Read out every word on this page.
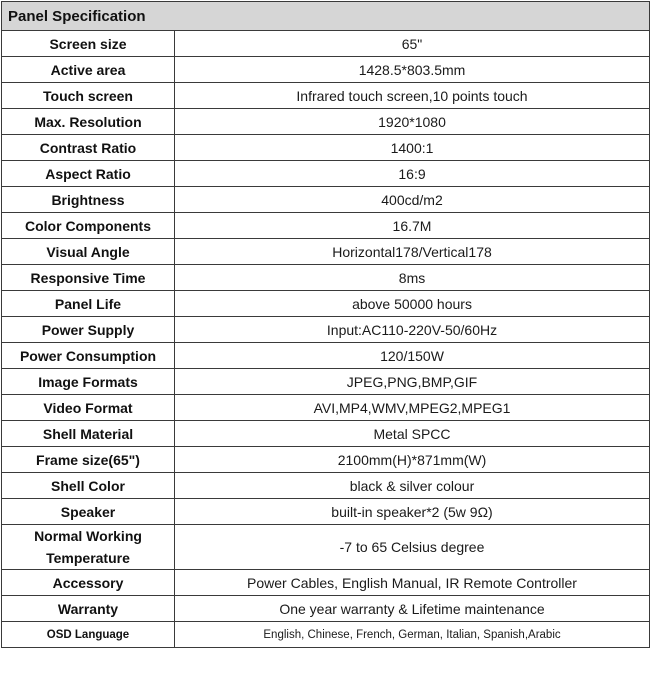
Panel Specification	
Screen size	65"
Active area	1428.5*803.5mm
Touch screen	Infrared touch screen,10 points touch
Max. Resolution	1920*1080
Contrast Ratio	1400:1
Aspect Ratio	16:9
Brightness	400cd/m2
Color Components	16.7M
Visual Angle	Horizontal178/Vertical178
Responsive Time	8ms
Panel Life	above 50000 hours
Power Supply	Input:AC110-220V-50/60Hz
Power Consumption	120/150W
Image Formats	JPEG,PNG,BMP,GIF
Video Format	AVI,MP4,WMV,MPEG2,MPEG1
Shell Material	Metal SPCC
Frame size(65")	2100mm(H)*871mm(W)
Shell Color	black & silver colour
Speaker	built-in speaker*2 (5w 9Ω)
Normal Working Temperature	-7 to 65 Celsius degree
Accessory	Power Cables, English Manual, IR Remote Controller
Warranty	One year warranty & Lifetime maintenance
OSD Language	English, Chinese, French, German, Italian, Spanish,Arabic
